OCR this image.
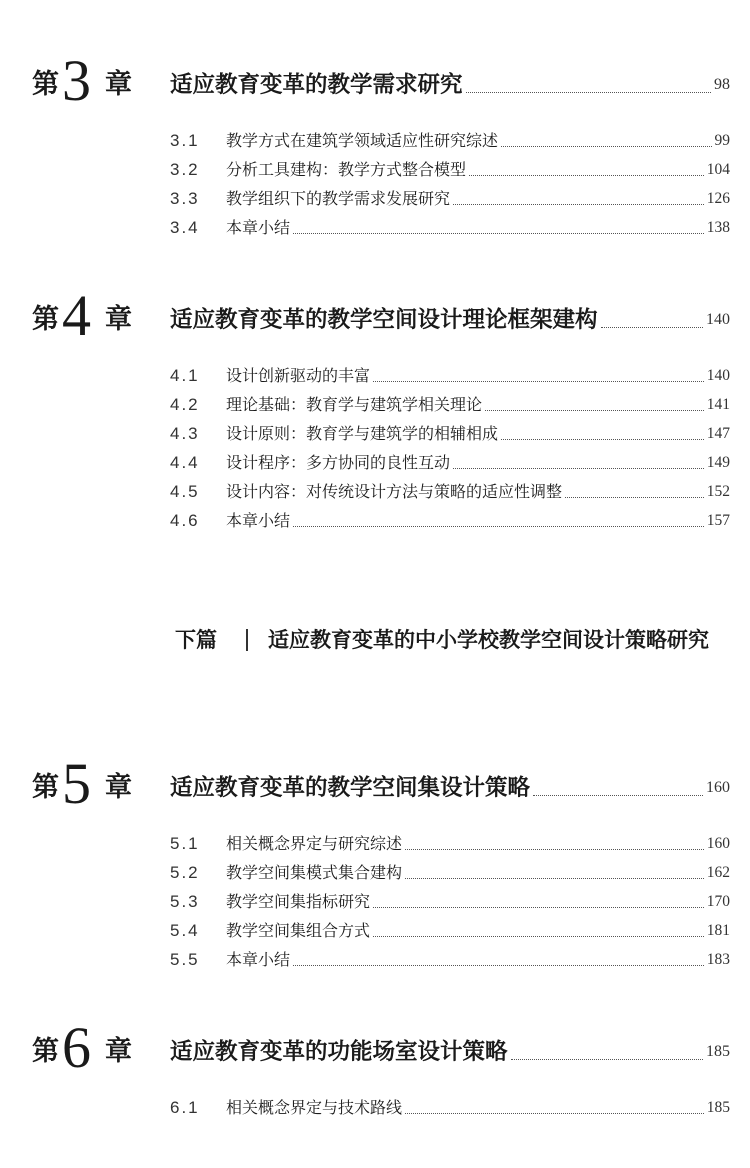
第 3 章 适应教育变革的教学需求研究	98
3.1	教学方式在建筑学领域适应性研究综述	99
3.2	分析工具建构：教学方式整合模型	104
3.3	教学组织下的教学需求发展研究	126
3.4	本章小结	138
第 4 章 适应教育变革的教学空间设计理论框架建构	140
4.1	设计创新驱动的丰富	140
4.2	理论基础：教育学与建筑学相关理论	141
4.3	设计原则：教育学与建筑学的相辅相成	147
4.4	设计程序：多方协同的良性互动	149
4.5	设计内容：对传统设计方法与策略的适应性调整	152
4.6	本章小结	157
下篇 适应教育变革的中小学校教学空间设计策略研究
第 5 章 适应教育变革的教学空间集设计策略	160
5.1	相关概念界定与研究综述	160
5.2	教学空间集模式集合建构	162
5.3	教学空间集指标研究	170
5.4	教学空间集组合方式	181
5.5	本章小结	183
第 6 章 适应教育变革的功能场室设计策略	185
6.1	相关概念界定与技术路线	185
